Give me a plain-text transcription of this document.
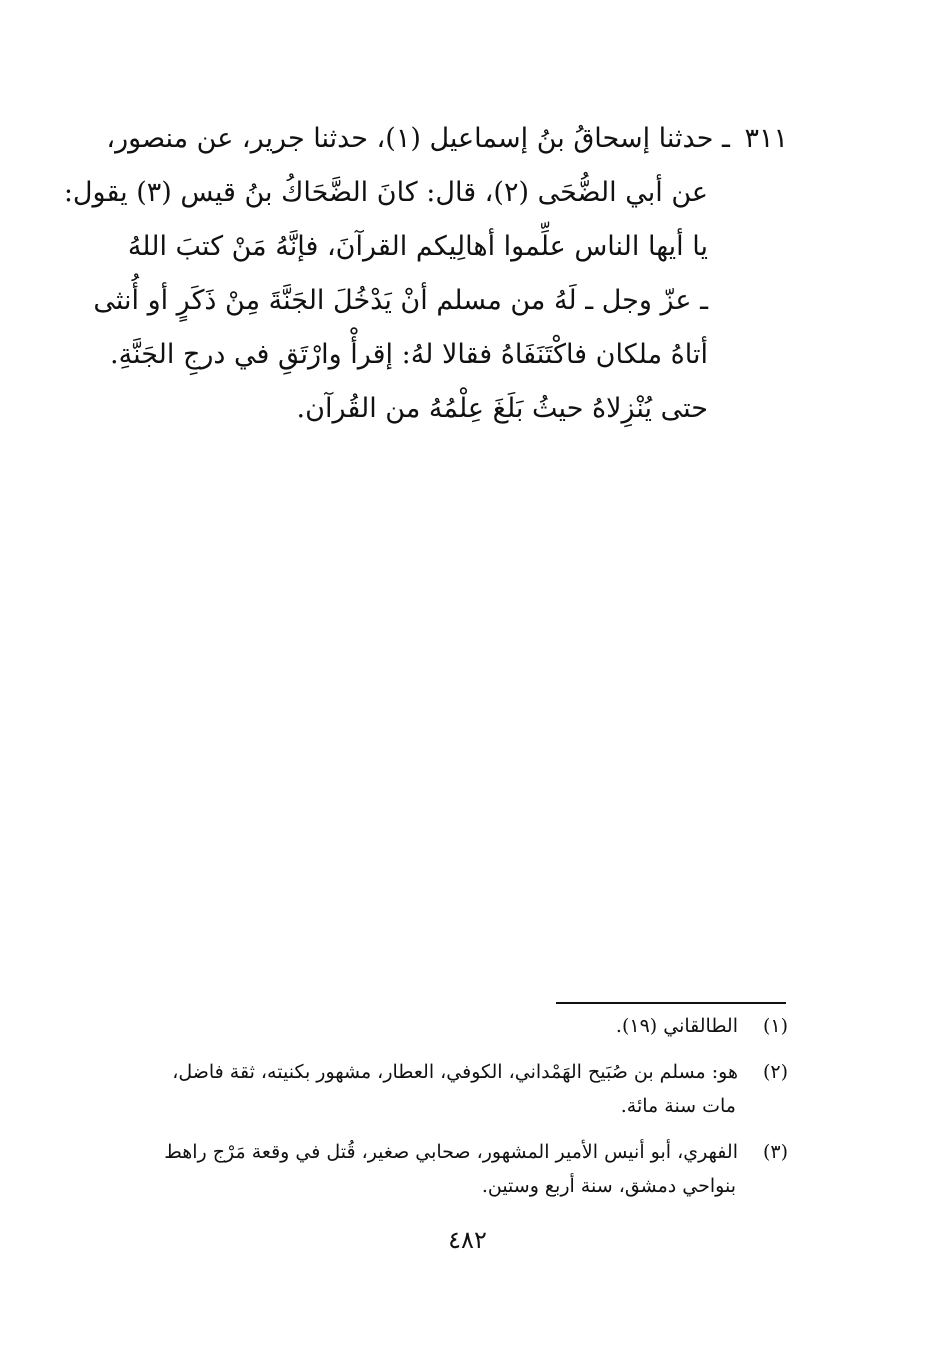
٣١١ ـ حدثنا إسحاقُ بنُ إسماعيل (١)، حدثنا جرير، عن منصور،
عن أبي الضُّحَى (٢)، قال: كانَ الضَّحَاكُ بنُ قيس (٣) يقول:
يا أيها الناس علِّموا أهالِيكم القرآنَ، فإنَّهُ مَنْ كتبَ اللهُ
ـ عزّ وجل ـ لَهُ من مسلم أنْ يَدْخُلَ الجَنَّةَ مِنْ ذَكَرٍ أو أُنثى
أتاهُ ملكان فاكْتَنَفَاهُ فقالا لهُ: إقرأْ وارْتَقِ في درجِ الجَنَّةِ.
حتى يُنْزِلاهُ حيثُ بَلَغَ عِلْمُهُ من القُرآن.
(١)الطالقاني (١٩).
(٢)هو: مسلم بن صُبَيح الهَمْداني، الكوفي، العطار، مشهور بكنيته، ثقة فاضل،
مات سنة مائة.
(٣)الفهري، أبو أنيس الأمير المشهور، صحابي صغير، قُتل في وقعة مَرْج راهط
بنواحي دمشق، سنة أربع وستين.
٤٨٢
